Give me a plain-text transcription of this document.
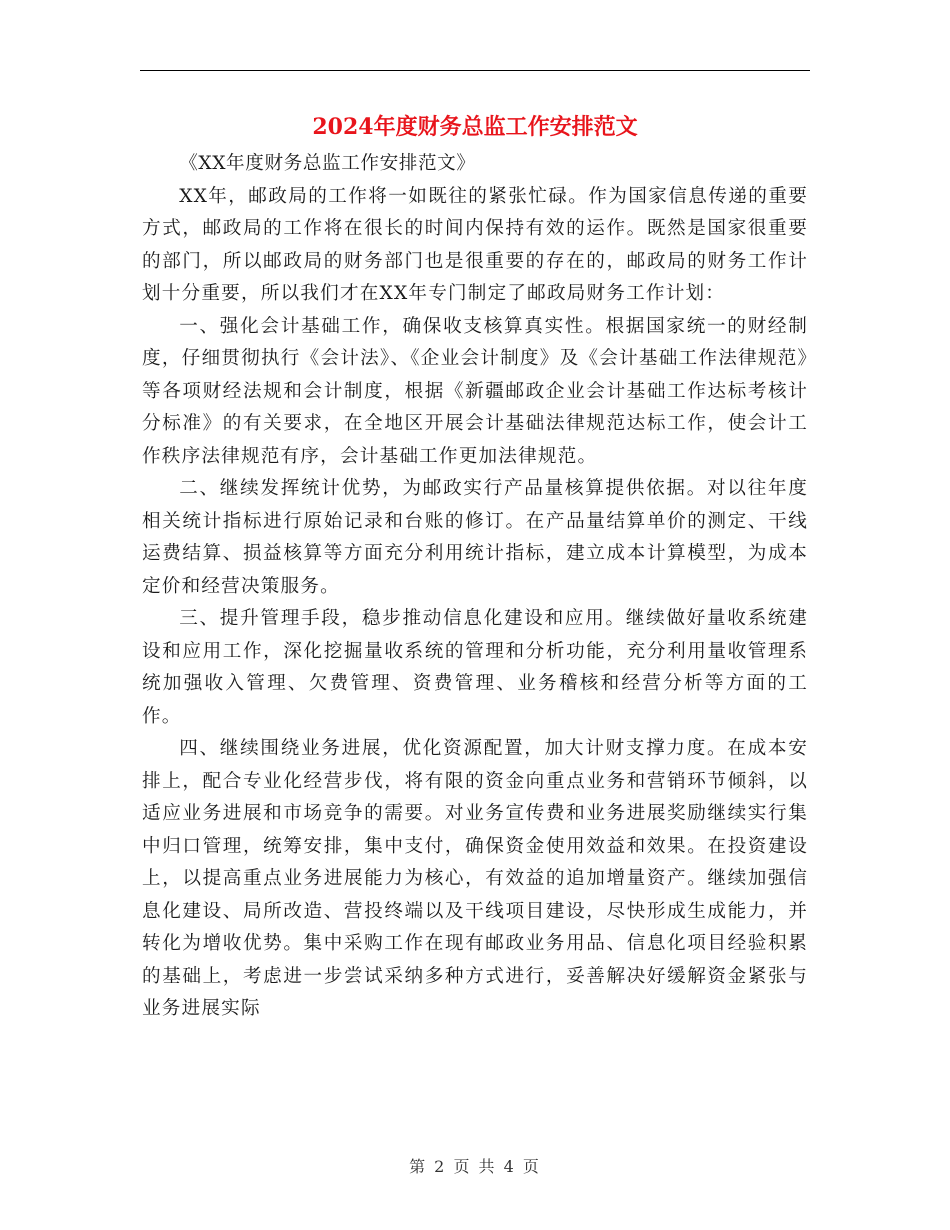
2024年度财务总监工作安排范文

《XX年度财务总监工作安排范文》

XX年，邮政局的工作将一如既往的紧张忙碌。作为国家信息传递的重要方式，邮政局的工作将在很长的时间内保持有效的运作。既然是国家很重要的部门，所以邮政局的财务部门也是很重要的存在的，邮政局的财务工作计划十分重要，所以我们才在XX年专门制定了邮政局财务工作计划：

一、强化会计基础工作，确保收支核算真实性。根据国家统一的财经制度，仔细贯彻执行《会计法》、《企业会计制度》及《会计基础工作法律规范》等各项财经法规和会计制度，根据《新疆邮政企业会计基础工作达标考核计分标准》的有关要求，在全地区开展会计基础法律规范达标工作，使会计工作秩序法律规范有序，会计基础工作更加法律规范。

二、继续发挥统计优势，为邮政实行产品量核算提供依据。对以往年度相关统计指标进行原始记录和台账的修订。在产品量结算单价的测定、干线运费结算、损益核算等方面充分利用统计指标，建立成本计算模型，为成本定价和经营决策服务。

三、提升管理手段，稳步推动信息化建设和应用。继续做好量收系统建设和应用工作，深化挖掘量收系统的管理和分析功能，充分利用量收管理系统加强收入管理、欠费管理、资费管理、业务稽核和经营分析等方面的工作。

四、继续围绕业务进展，优化资源配置，加大计财支撑力度。在成本安排上，配合专业化经营步伐，将有限的资金向重点业务和营销环节倾斜，以适应业务进展和市场竞争的需要。对业务宣传费和业务进展奖励继续实行集中归口管理，统筹安排，集中支付，确保资金使用效益和效果。在投资建设上，以提高重点业务进展能力为核心，有效益的追加增量资产。继续加强信息化建设、局所改造、营投终端以及干线项目建设，尽快形成生成能力，并转化为增收优势。集中采购工作在现有邮政业务用品、信息化项目经验积累的基础上，考虑进一步尝试采纳多种方式进行，妥善解决好缓解资金紧张与业务进展实际

第 2 页 共 4 页
